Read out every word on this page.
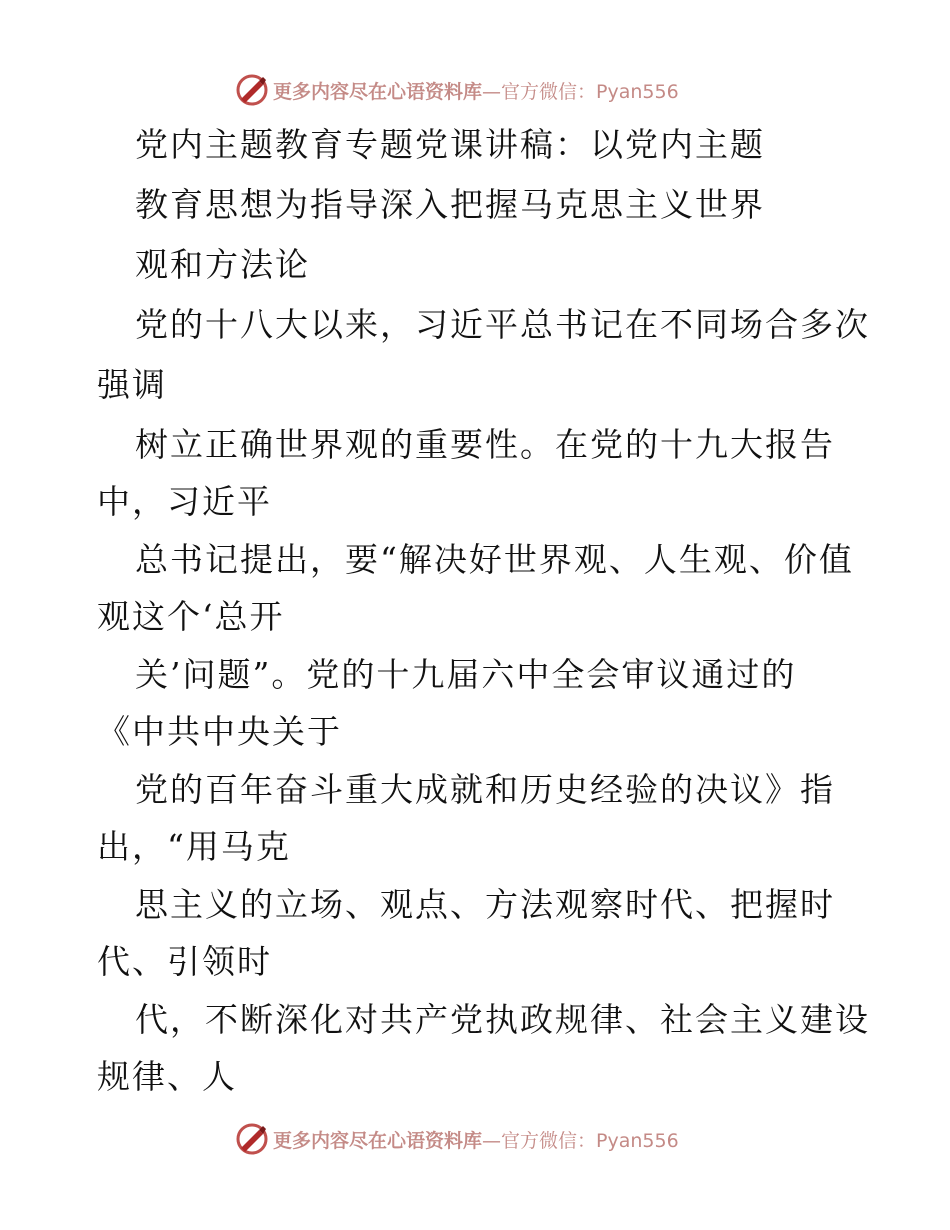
更多内容尽在心语资料库 —官方微信：Pyan556
党内主题教育专题党课讲稿：以党内主题
教育思想为指导深入把握马克思主义世界
观和方法论
党的十八大以来，习近平总书记在不同场合多次
强调
树立正确世界观的重要性。在党的十九大报告
中，习近平
总书记提出，要“解决好世界观、人生观、价值
观这个‘总开
关’问题”。党的十九届六中全会审议通过的
《中共中央关于
党的百年奋斗重大成就和历史经验的决议》指
出，“用马克
思主义的立场、观点、方法观察时代、把握时
代、引领时
代，不断深化对共产党执政规律、社会主义建设
规律、人
更多内容尽在心语资料库 —官方微信：Pyan556
